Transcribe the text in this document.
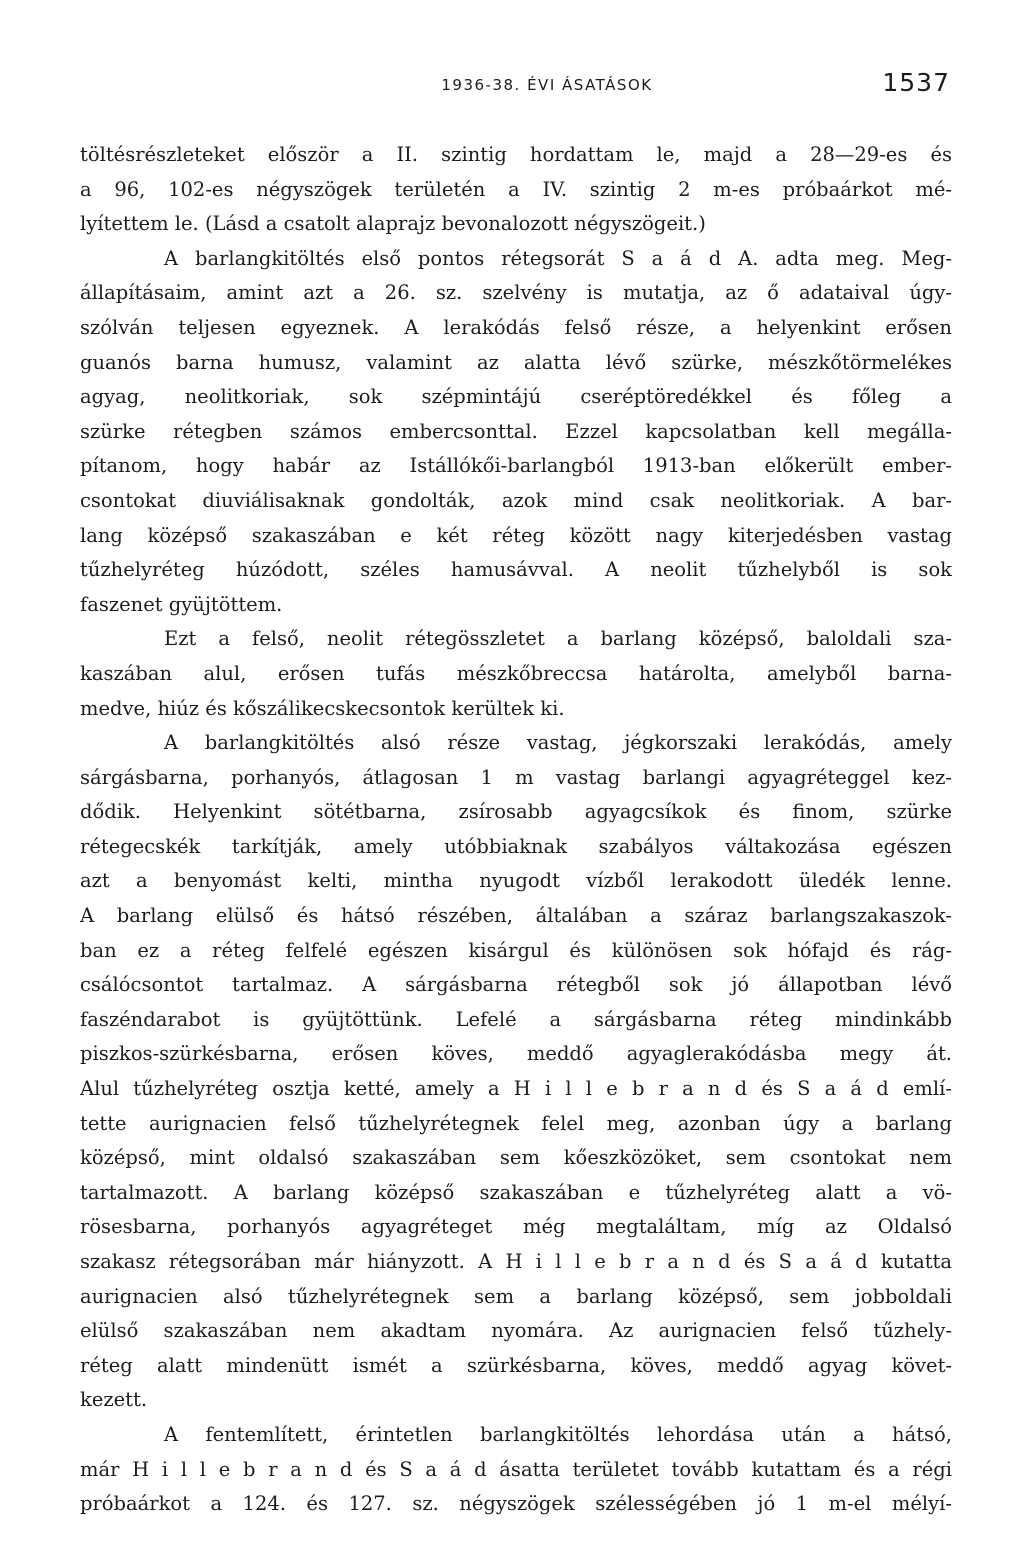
1936-38. ÉVI ÁSATÁSOK	1537
töltésrészleteket először a II. szintig hordattam le, majd a 28—29-es és
a 96, 102-es négyszögek területén a IV. szintig 2 m-es próbaárkot mé-
lyítettem le. (Lásd a csatolt alaprajz bevonalozott négyszögeit.)
A barlangkitöltés első pontos rétegsorát S a á d A. adta meg. Meg-
állapításaim, amint azt a 26. sz. szelvény is mutatja, az ő adataival úgy-
szólván teljesen egyeznek. A lerakódás felső része, a helyenkint erősen
guanós barna humusz, valamint az alatta lévő szürke, mészkőtörmelékes
agyag, neolitkoriak, sok szépmintájú cseréptöredékkel és főleg a
szürke rétegben számos embercsonttal. Ezzel kapcsolatban kell megálla-
pítanom, hogy habár az Istállókői-barlangból 1913-ban előkerült ember-
csontokat diuviálisaknak gondolták, azok mind csak neolitkoriak. A bar-
lang középső szakaszában e két réteg között nagy kiterjedésben vastag
tűzhelyréteg húzódott, széles hamusávval. A neolit tűzhelyből is sok
faszenet gyüjtöttem.
Ezt a felső, neolit rétegösszletet a barlang középső, baloldali sza-
kaszában alul, erősen tufás mészkőbreccsa határolta, amelyből barna-
medve, hiúz és kőszálikecskecsontok kerültek ki.
A barlangkitöltés alsó része vastag, jégkorszaki lerakódás, amely
sárgásbarna, porhanyós, átlagosan 1 m vastag barlangi agyagréteggel kez-
dődik. Helyenkint sötétbarna, zsírosabb agyagcsíkok és finom, szürke
rétegecskék tarkítják, amely utóbbiaknak szabályos váltakozása egészen
azt a benyomást kelti, mintha nyugodt vízből lerakodott üledék lenne.
A barlang elülső és hátsó részében, általában a száraz barlangszakaszok-
ban ez a réteg felfelé egészen kisárgul és különösen sok hófajd és rág-
csálócsontot tartalmaz. A sárgásbarna rétegből sok jó állapotban lévő
faszéndarabot is gyüjtöttünk. Lefelé a sárgásbarna réteg mindinkább
piszkos-szürkésbarna, erősen köves, meddő agyaglerakódásba megy át.
Alul tűzhelyréteg osztja ketté, amely a H i l l e b r a n d és S a á d emlí-
tette aurignacien felső tűzhelyrétegnek felel meg, azonban úgy a barlang
középső, mint oldalsó szakaszában sem kőeszközöket, sem csontokat nem
tartalmazott. A barlang középső szakaszában e tűzhelyréteg alatt a vö-
rösesbarna, porhanyós agyagréteget még megtaláltam, míg az Oldalsó
szakasz rétegsorában már hiányzott. A H i l l e b r a n d és S a á d kutatta
aurignacien alsó tűzhelyrétegnek sem a barlang középső, sem jobboldali
elülső szakaszában nem akadtam nyomára. Az aurignacien felső tűzhely-
réteg alatt mindenütt ismét a szürkésbarna, köves, meddő agyag követ-
kezett.
A fentemlített, érintetlen barlangkitöltés lehordása után a hátsó,
már H i l l e b r a n d és S a á d ásatta területet tovább kutattam és a régi
próbaárkot a 124. és 127. sz. négyszögek szélességében jó 1 m-el mélyí-
